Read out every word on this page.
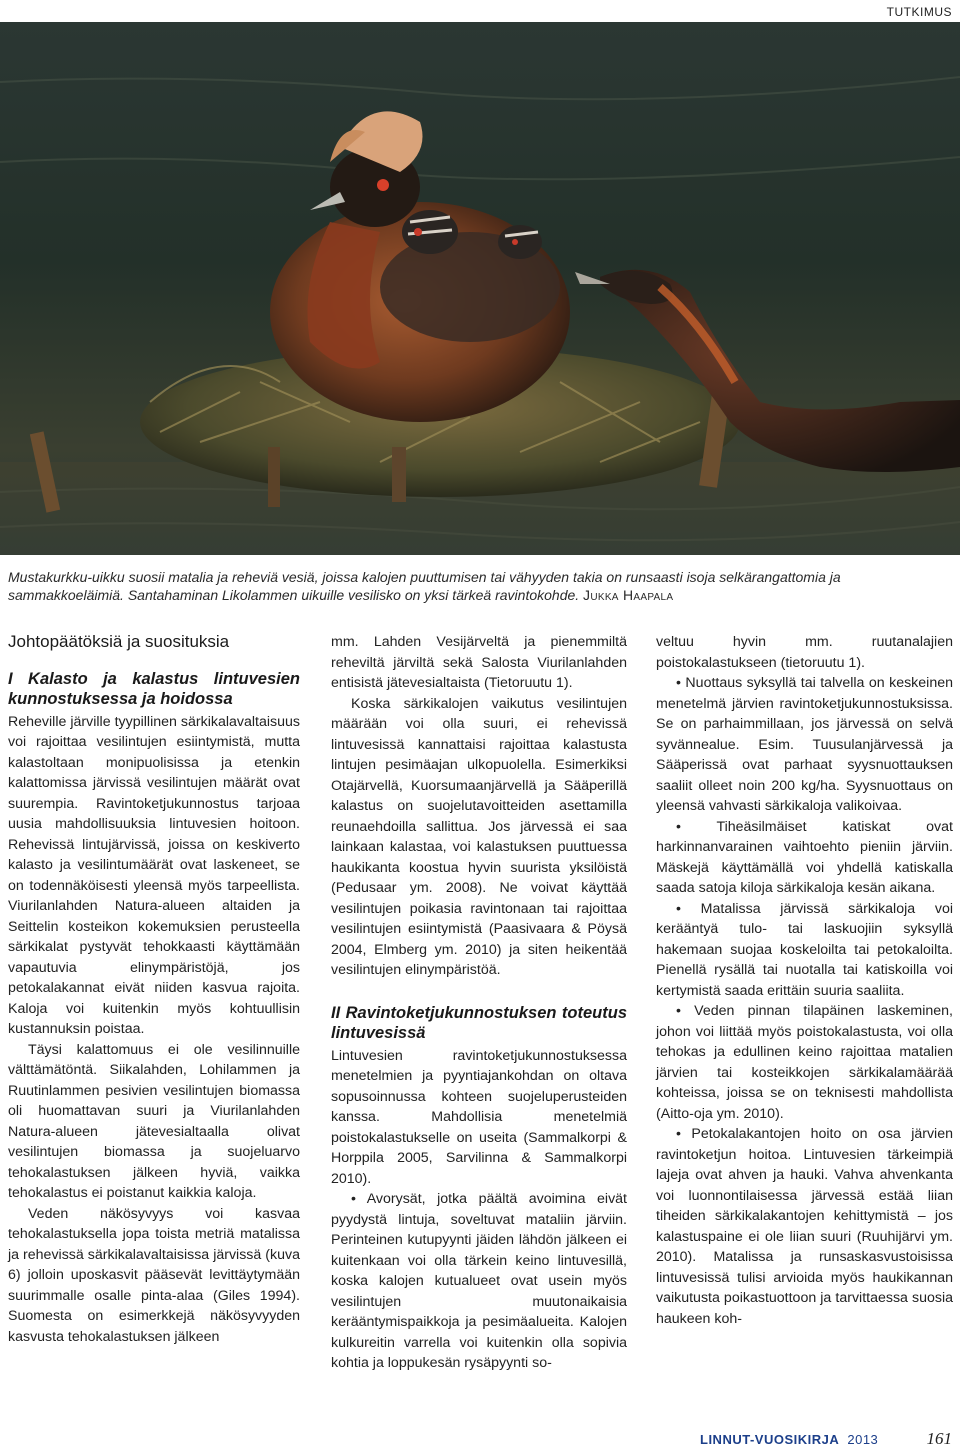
TUTKIMUS
Mustakurkku-uikku suosii matalia ja reheviä vesiä, joissa kalojen puuttumisen tai vähyyden takia on runsaasti isoja selkärangattomia ja sammakkoeläimiä. Santahaminan Likolammen uikuille vesilisko on yksi tärkeä ravintokohde. Jukka Haapala
Johtopäätöksiä ja suosituksia
I Kalasto ja kalastus lintuvesien kunnostuksessa ja hoidossa

Reheville järville tyypillinen särkikalavaltaisuus voi rajoittaa vesilintujen esiintymistä, mutta kalastoltaan monipuolisissa ja etenkin kalattomissa järvissä vesilintujen määrät ovat suurempia. Ravintoketjukunnostus tarjoaa uusia mahdollisuuksia lintuvesien hoitoon. Rehevissä lintujärvissä, joissa on keskiverto kalasto ja vesilintumäärät ovat laskeneet, se on todennäköisesti yleensä myös tarpeellista. Viurilanlahden Natura-alueen altaiden ja Seittelin kosteikon kokemuksien perusteella särkikalat pystyvät tehokkaasti käyttämään vapautuvia elinympäristöjä, jos petokalakannat eivät niiden kasvua rajoita. Kaloja voi kuitenkin myös kohtuullisin kustannuksin poistaa.

Täysi kalattomuus ei ole vesilinnuille välttämätöntä. Siikalahden, Lohilammen ja Ruutinlammen pesivien vesilintujen biomassa oli huomattavan suuri ja Viurilanlahden Natura-alueen jätevesialtaalla olivat vesilintujen biomassa ja suojeluarvo tehokalastuksen jälkeen hyviä, vaikka tehokalastus ei poistanut kaikkia kaloja.

Veden näkösyvyys voi kasvaa tehokalastuksella jopa toista metriä matalissa ja rehevissä särkikalavaltaisissa järvissä (kuva 6) jolloin uposkasvit pääsevät levittäytymään suurimmalle osalle pinta-alaa (Giles 1994). Suomesta on esimerkkejä näkösyvyyden kasvusta tehokalastuksen jälkeen

mm. Lahden Vesijärveltä ja pienemmiltä reheviltä järviltä sekä Salosta Viurilanlahden entisistä jätevesialtaista (Tietoruutu 1).

Koska särkikalojen vaikutus vesilintujen määrään voi olla suuri, ei rehevissä lintuvesissä kannattaisi rajoittaa kalastusta lintujen pesimäajan ulkopuolella. Esimerkiksi Otajärvellä, Kuorsumaanjärvellä ja Sääperillä kalastus on suojelutavoitteiden asettamilla reunaehdoilla sallittua. Jos järvessä ei saa lainkaan kalastaa, voi kalastuksen puuttuessa haukikanta koostua hyvin suurista yksilöistä (Pedusaar ym. 2008). Ne voivat käyttää vesilintujen poikasia ravintonaan tai rajoittaa vesilintujen esiintymistä (Paasivaara & Pöysä 2004, Elmberg ym. 2010) ja siten heikentää vesilintujen elinympäristöä.

II Ravintoketjukunnostuksen toteutus lintuvesissä

Lintuvesien ravintoketjukunnostuksessa menetelmien ja pyyntiajankohdan on oltava sopusoinnussa kohteen suojeluperusteiden kanssa. Mahdollisia menetelmiä poistokalastukselle on useita (Sammalkorpi & Horppila 2005, Sarvilinna & Sammalkorpi 2010).

• Avorysät, jotka päältä avoimina eivät pyydystä lintuja, soveltuvat mataliin järviin. Perinteinen kutupyynti jäiden lähdön jälkeen ei kuitenkaan voi olla tärkein keino lintuvesillä, koska kalojen kutualueet ovat usein myös vesilintujen muutonaikaisia kerääntymispaikkoja ja pesimäalueita. Kalojen kulkureitin varrella voi kuitenkin olla sopivia kohtia ja loppukesän rysäpyynti so-

veltuu hyvin mm. ruutanalajien poistokalastukseen (tietoruutu 1).

• Nuottaus syksyllä tai talvella on keskeinen menetelmä järvien ravintoketjukunnostuksissa. Se on parhaimmillaan, jos järvessä on selvä syvännealue. Esim. Tuusulanjärvessä ja Sääperissä ovat parhaat syysnuottauksen saaliit olleet noin 200 kg/ha. Syysnuottaus on yleensä vahvasti särkikaloja valikoivaa.

• Tiheäsilmäiset katiskat ovat harkinnanvarainen vaihtoehto pieniin järviin. Mäskejä käyttämällä voi yhdellä katiskalla saada satoja kiloja särkikaloja kesän aikana.

• Matalissa järvissä särkikaloja voi kerääntyä tulo- tai laskuojiin syksyllä hakemaan suojaa koskeloilta tai petokaloilta. Pienellä rysällä tai nuotalla tai katiskoilla voi kertymistä saada erittäin suuria saaliita.

• Veden pinnan tilapäinen laskeminen, johon voi liittää myös poistokalastusta, voi olla tehokas ja edullinen keino rajoittaa matalien järvien tai kosteikkojen särkikalamäärää kohteissa, joissa se on teknisesti mahdollista (Aitto-oja ym. 2010).

• Petokalakantojen hoito on osa järvien ravintoketjun hoitoa. Lintuvesien tärkeimpiä lajeja ovat ahven ja hauki. Vahva ahvenkanta voi luonnontilaisessa järvessä estää liian tiheiden särkikalakantojen kehittymistä – jos kalastuspaine ei ole liian suuri (Ruuhijärvi ym. 2010). Matalissa ja runsaskasvustoisissa lintuvesissä tulisi arvioida myös haukikannan vaikutusta poikastuottoon ja tarvittaessa suosia haukeen koh-

LINNUT-VUOSIKIRJA 2013	161
